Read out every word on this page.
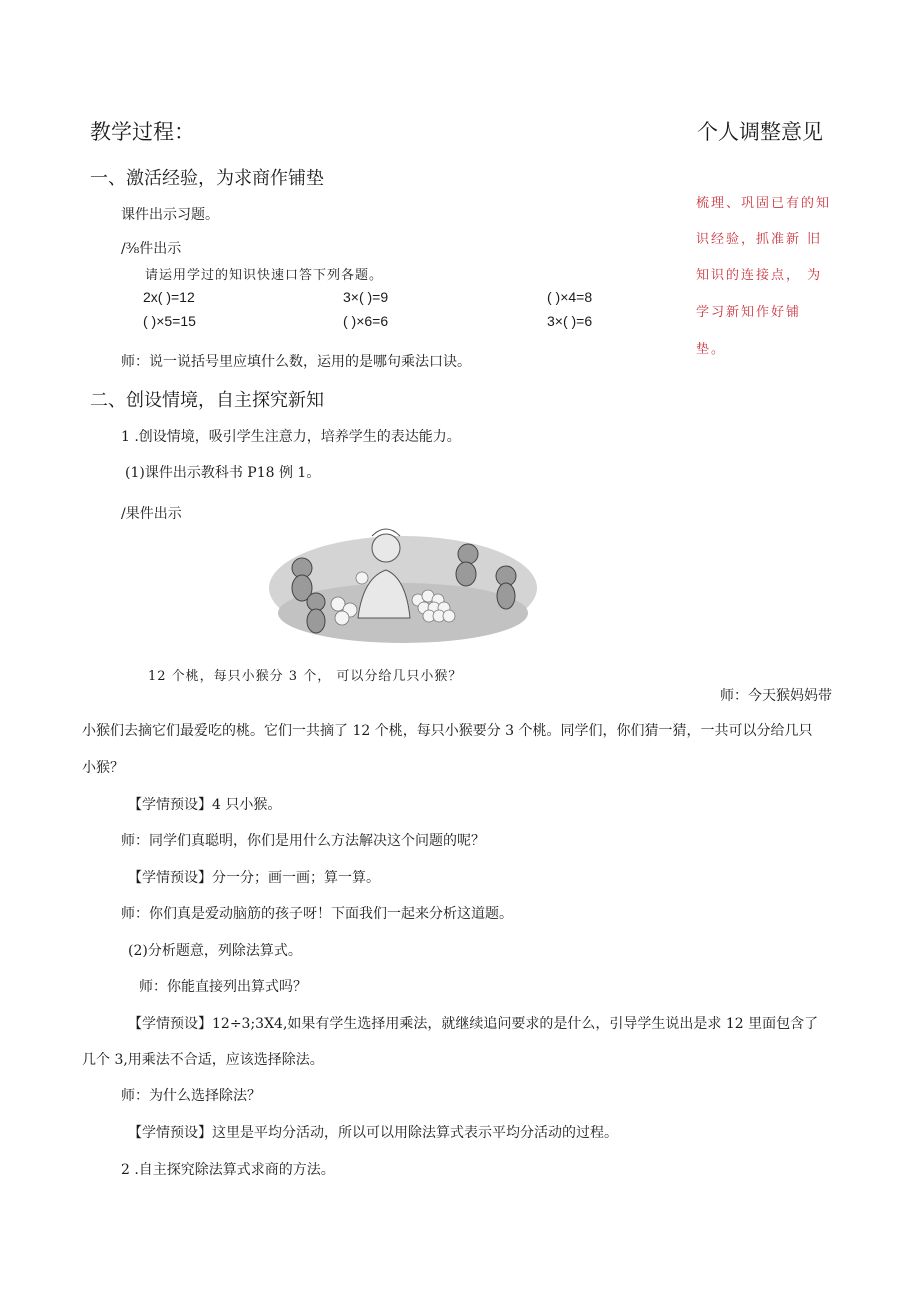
教学过程：	个人调整意见
梳理、巩固已有的知
识经验，抓准新 旧
知识的连接点， 为
学习新知作好铺
垫。
一、激活经验，为求商作铺垫
课件出示习题。
/⅜件出示
请运用学过的知识快速口答下列各题。
2x( )=12	3×( )=9	( )×4=8
( )×5=15	( )×6=6	3×( )=6
师：说一说括号里应填什么数，运用的是哪句乘法口诀。
二、创设情境，自主探究新知
1 .创设情境，吸引学生注意力，培养学生的表达能力。
(1)课件出示教科书 P18 例 1。
/果件出示
12 个桃，每只小猴分 3 个， 可以分给几只小猴？
师：今天猴妈妈带
小猴们去摘它们最爱吃的桃。它们一共摘了 12 个桃，每只小猴要分 3 个桃。同学们，你们猜一猜，一共可以分给几只
小猴？
【学情预设】4 只小猴。
师：同学们真聪明，你们是用什么方法解决这个问题的呢？
【学情预设】分一分；画一画；算一算。
师：你们真是爱动脑筋的孩子呀！下面我们一起来分析这道题。
(2)分析题意，列除法算式。
师：你能直接列出算式吗？
【学情预设】12÷3;3X4,如果有学生选择用乘法，就继续追问要求的是什么，引导学生说出是求 12 里面包含了
几个 3,用乘法不合适，应该选择除法。
师：为什么选择除法？
【学情预设】这里是平均分活动，所以可以用除法算式表示平均分活动的过程。
2 .自主探究除法算式求商的方法。
